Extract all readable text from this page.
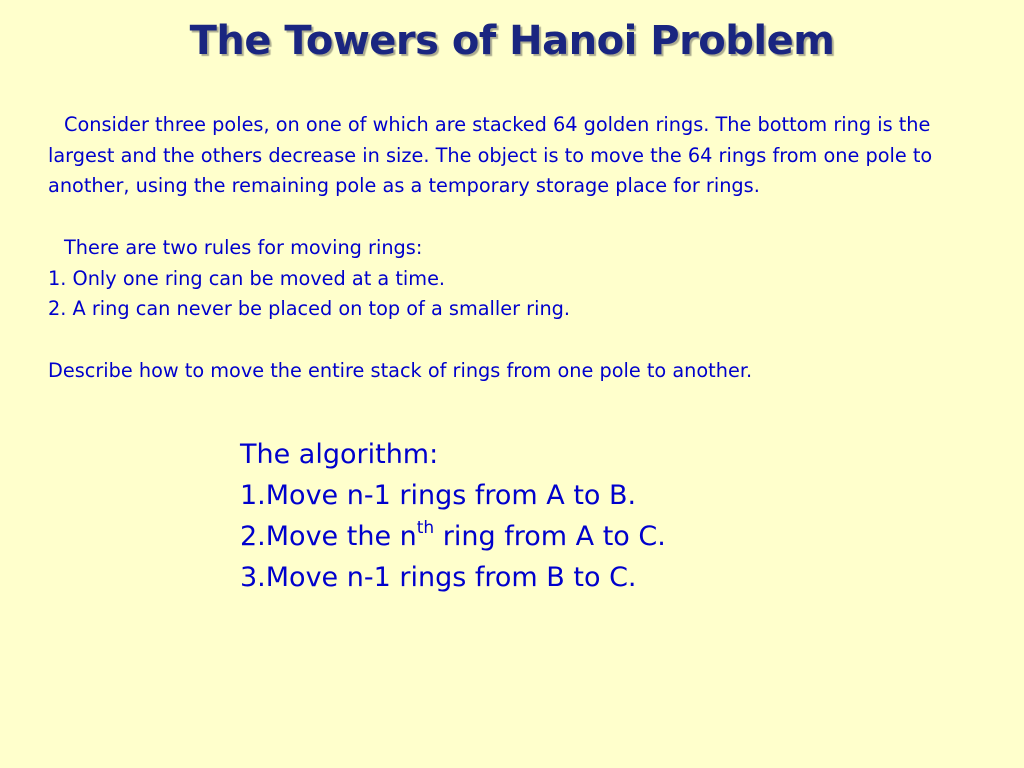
The Towers of Hanoi Problem

Consider three poles, on one of which are stacked 64 golden rings. The bottom ring is the largest and the others decrease in size. The object is to move the 64 rings from one pole to another, using the remaining pole as a temporary storage place for rings.

There are two rules for moving rings:

1. Only one ring can be moved at a time.

2. A ring can never be placed on top of a smaller ring.

Describe how to move the entire stack of rings from one pole to another.

The algorithm:

1.Move n-1 rings from A to B.

2.Move the $n^{th}$ ring from A to C.

3.Move n-1 rings from B to C.
